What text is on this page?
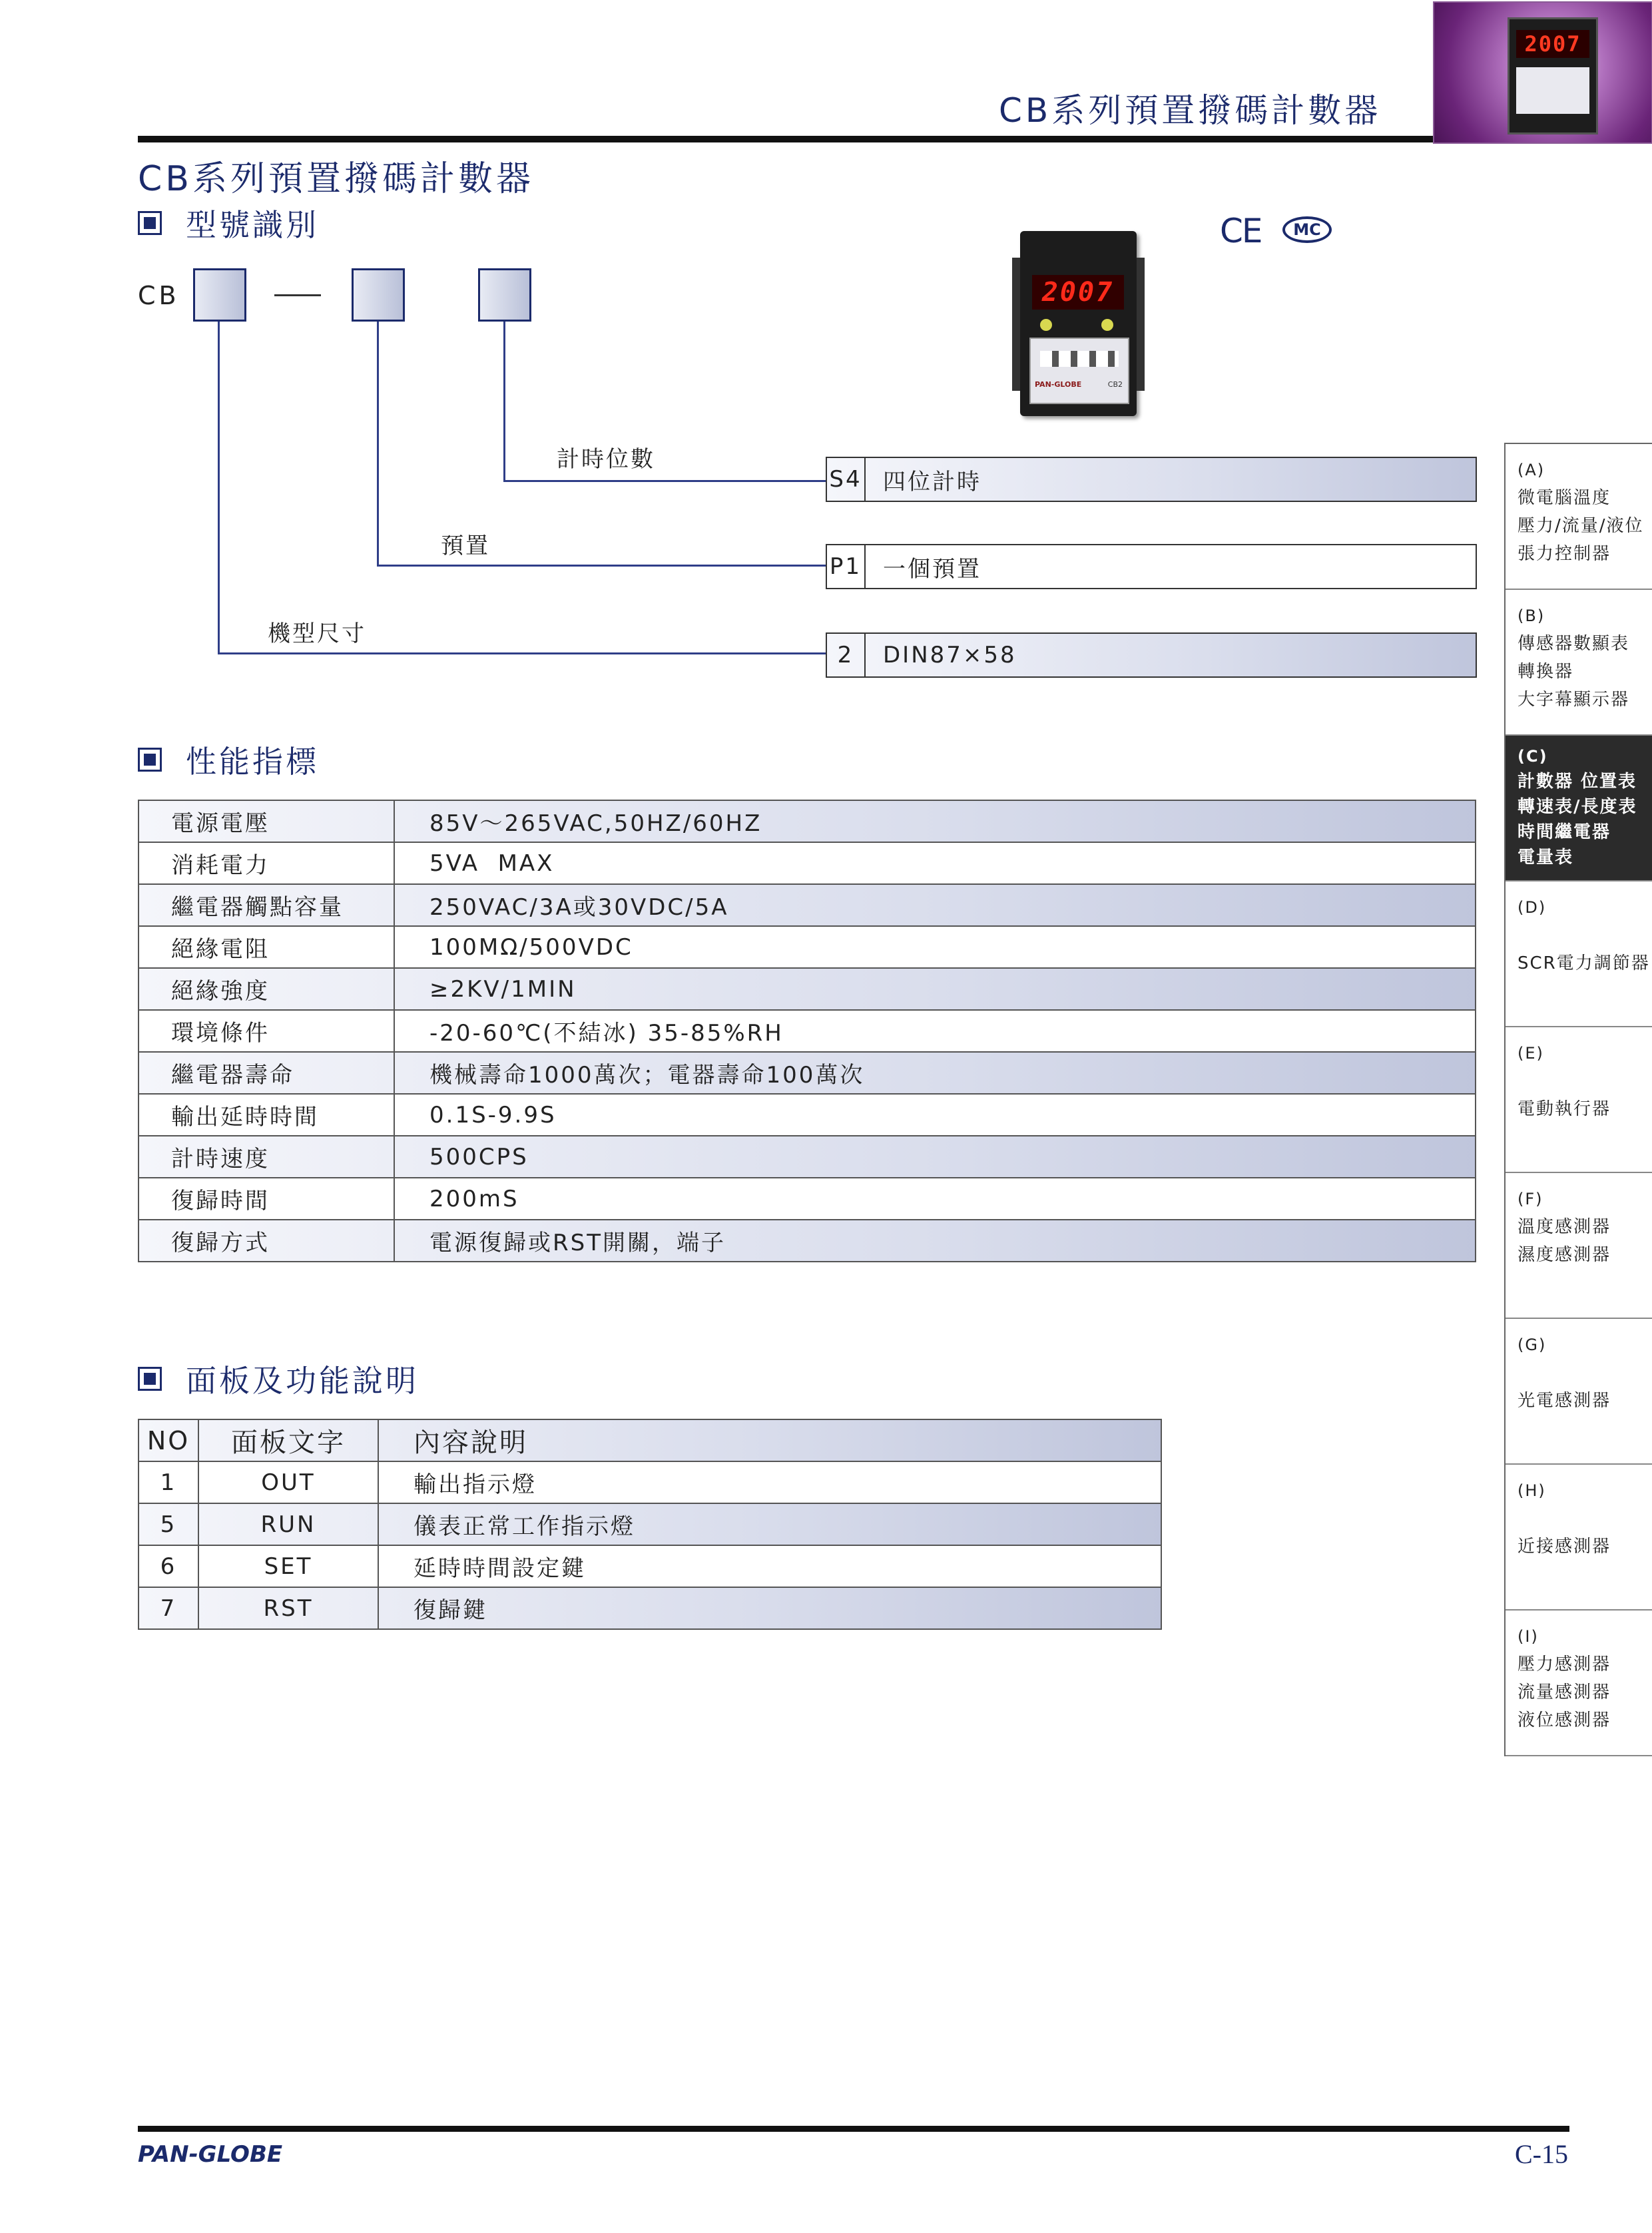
CB系列預置撥碼計數器
2007
CB系列預置撥碼計數器
型號識別
CB
計時位數
預置
機型尺寸
S4 四位計時
P1 一個預置
2	DIN87×58
2007
PAN-GLOBE	CB2
CE MC
性能指標
電源電壓	85V～265VAC,50HZ/60HZ
消耗電力	5VA  MAX
繼電器觸點容量	250VAC/3A或30VDC/5A
絕緣電阻	100MΩ/500VDC
絕緣強度	≥2KV/1MIN
環境條件	-20-60℃(不結冰) 35-85%RH
繼電器壽命	機械壽命1000萬次；電器壽命100萬次
輸出延時時間	0.1S-9.9S
計時速度	500CPS
復歸時間	200mS
復歸方式	電源復歸或RST開關，端子
面板及功能說明
NO	面板文字	內容說明
1	OUT	輸出指示燈
5	RUN	儀表正常工作指示燈
6	SET	延時時間設定鍵
7	RST	復歸鍵
(A)
微電腦溫度
壓力/流量/液位
張力控制器
(B)
傳感器數顯表
轉換器
大字幕顯示器
(C)
計數器 位置表
轉速表/長度表
時間繼電器
電量表
(D)
SCR電力調節器
(E)
電動執行器
(F)
溫度感測器
濕度感測器
(G)
光電感測器
(H)
近接感測器
(I)
壓力感測器
流量感測器
液位感測器
PAN-GLOBE	C-15
